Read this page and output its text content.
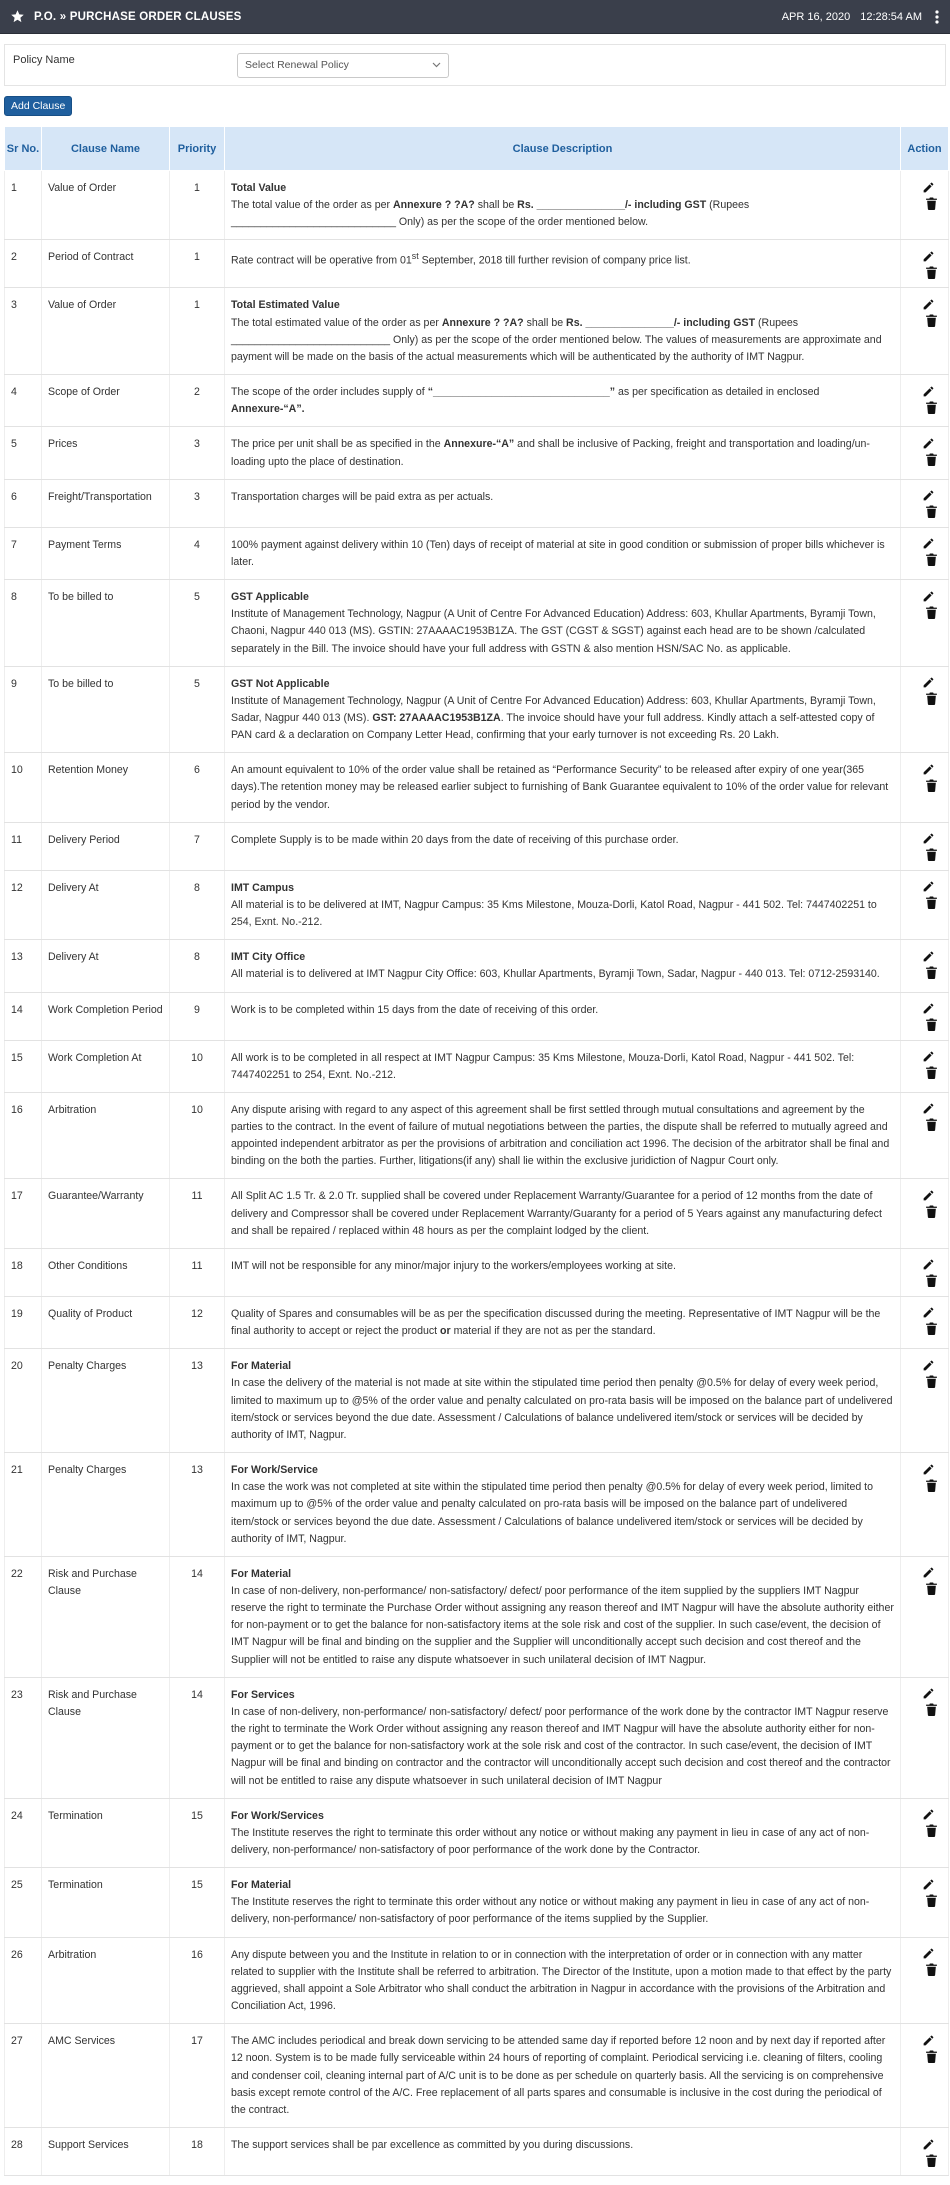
P.O. » PURCHASE ORDER CLAUSES	APR 16, 2020 12:28:54 AM
Policy Name	Select Renewal Policy
Add Clause
Sr No.	Clause Name	Priority	Clause Description	Action
1	Value of Order	1	Total Value
The total value of the order as per Annexure ? ?A? shall be Rs. _______________/- including GST (Rupees ____________________________ Only) as per the scope of the order mentioned below.	

2	Period of Contract	1	Rate contract will be operative from 01st September, 2018 till further revision of company price list.	

3	Value of Order	1	Total Estimated Value
The total estimated value of the order as per Annexure ? ?A? shall be Rs. _______________/- including GST (Rupees ___________________________ Only) as per the scope of the order mentioned below. The values of measurements are approximate and payment will be made on the basis of the actual measurements which will be authenticated by the authority of IMT Nagpur.	

4	Scope of Order	2	The scope of the order includes supply of “______________________________” as per specification as detailed in enclosed Annexure-“A”.	

5	Prices	3	The price per unit shall be as specified in the Annexure-“A” and shall be inclusive of Packing, freight and transportation and loading/un-loading upto the place of destination.	

6	Freight/Transportation	3	Transportation charges will be paid extra as per actuals.	

7	Payment Terms	4	100% payment against delivery within 10 (Ten) days of receipt of material at site in good condition or submission of proper bills whichever is later.	

8	To be billed to	5	GST Applicable
Institute of Management Technology, Nagpur (A Unit of Centre For Advanced Education) Address: 603, Khullar Apartments, Byramji Town, Chaoni, Nagpur 440 013 (MS). GSTIN: 27AAAAC1953B1ZA. The GST (CGST & SGST) against each head are to be shown /calculated separately in the Bill. The invoice should have your full address with GSTN & also mention HSN/SAC No. as applicable.	

9	To be billed to	5	GST Not Applicable
Institute of Management Technology, Nagpur (A Unit of Centre For Advanced Education) Address: 603, Khullar Apartments, Byramji Town, Sadar, Nagpur 440 013 (MS). GST: 27AAAAC1953B1ZA. The invoice should have your full address. Kindly attach a self-attested copy of PAN card & a declaration on Company Letter Head, confirming that your early turnover is not exceeding Rs. 20 Lakh.	

10	Retention Money	6	An amount equivalent to 10% of the order value shall be retained as “Performance Security” to be released after expiry of one year(365 days).The retention money may be released earlier subject to furnishing of Bank Guarantee equivalent to 10% of the order value for relevant period by the vendor.	

11	Delivery Period	7	Complete Supply is to be made within 20 days from the date of receiving of this purchase order.	

12	Delivery At	8	IMT Campus
All material is to be delivered at IMT, Nagpur Campus: 35 Kms Milestone, Mouza-Dorli, Katol Road, Nagpur - 441 502. Tel: 7447402251 to 254, Exnt. No.-212.	

13	Delivery At	8	IMT City Office
All material is to delivered at IMT Nagpur City Office: 603, Khullar Apartments, Byramji Town, Sadar, Nagpur - 440 013. Tel: 0712-2593140.	

14	Work Completion Period	9	Work is to be completed within 15 days from the date of receiving of this order.	

15	Work Completion At	10	All work is to be completed in all respect at IMT Nagpur Campus: 35 Kms Milestone, Mouza-Dorli, Katol Road, Nagpur - 441 502. Tel: 7447402251 to 254, Exnt. No.-212.	

16	Arbitration	10	Any dispute arising with regard to any aspect of this agreement shall be first settled through mutual consultations and agreement by the parties to the contract. In the event of failure of mutual negotiations between the parties, the dispute shall be referred to mutually agreed and appointed independent arbitrator as per the provisions of arbitration and conciliation act 1996. The decision of the arbitrator shall be final and binding on the both the parties. Further, litigations(if any) shall lie within the exclusive juridiction of Nagpur Court only.	

17	Guarantee/Warranty	11	All Split AC 1.5 Tr. & 2.0 Tr. supplied shall be covered under Replacement Warranty/Guarantee for a period of 12 months from the date of delivery and Compressor shall be covered under Replacement Warranty/Guaranty for a period of 5 Years against any manufacturing defect and shall be repaired / replaced within 48 hours as per the complaint lodged by the client.	

18	Other Conditions	11	IMT will not be responsible for any minor/major injury to the workers/employees working at site.	

19	Quality of Product	12	Quality of Spares and consumables will be as per the specification discussed during the meeting. Representative of IMT Nagpur will be the final authority to accept or reject the product or material if they are not as per the standard.	

20	Penalty Charges	13	For Material
In case the delivery of the material is not made at site within the stipulated time period then penalty @0.5% for delay of every week period, limited to maximum up to @5% of the order value and penalty calculated on pro-rata basis will be imposed on the balance part of undelivered item/stock or services beyond the due date. Assessment / Calculations of balance undelivered item/stock or services will be decided by authority of IMT, Nagpur.	

21	Penalty Charges	13	For Work/Service
In case the work was not completed at site within the stipulated time period then penalty @0.5% for delay of every week period, limited to maximum up to @5% of the order value and penalty calculated on pro-rata basis will be imposed on the balance part of undelivered item/stock or services beyond the due date. Assessment / Calculations of balance undelivered item/stock or services will be decided by authority of IMT, Nagpur.	

22	Risk and Purchase Clause	14	For Material
In case of non-delivery, non-performance/ non-satisfactory/ defect/ poor performance of the item supplied by the suppliers IMT Nagpur reserve the right to terminate the Purchase Order without assigning any reason thereof and IMT Nagpur will have the absolute authority either for non-payment or to get the balance for non-satisfactory items at the sole risk and cost of the supplier. In such case/event, the decision of IMT Nagpur will be final and binding on the supplier and the Supplier will unconditionally accept such decision and cost thereof and the Supplier will not be entitled to raise any dispute whatsoever in such unilateral decision of IMT Nagpur.	

23	Risk and Purchase Clause	14	For Services
In case of non-delivery, non-performance/ non-satisfactory/ defect/ poor performance of the work done by the contractor IMT Nagpur reserve the right to terminate the Work Order without assigning any reason thereof and IMT Nagpur will have the absolute authority either for non-payment or to get the balance for non-satisfactory work at the sole risk and cost of the contractor. In such case/event, the decision of IMT Nagpur will be final and binding on contractor and the contractor will unconditionally accept such decision and cost thereof and the contractor will not be entitled to raise any dispute whatsoever in such unilateral decision of IMT Nagpur	

24	Termination	15	For Work/Services
The Institute reserves the right to terminate this order without any notice or without making any payment in lieu in case of any act of non-delivery, non-performance/ non-satisfactory of poor performance of the work done by the Contractor.	

25	Termination	15	For Material
The Institute reserves the right to terminate this order without any notice or without making any payment in lieu in case of any act of non-delivery, non-performance/ non-satisfactory of poor performance of the items supplied by the Supplier.	

26	Arbitration	16	Any dispute between you and the Institute in relation to or in connection with the interpretation of order or in connection with any matter related to supplier with the Institute shall be referred to arbitration. The Director of the Institute, upon a motion made to that effect by the party aggrieved, shall appoint a Sole Arbitrator who shall conduct the arbitration in Nagpur in accordance with the provisions of the Arbitration and Conciliation Act, 1996.	

27	AMC Services	17	The AMC includes periodical and break down servicing to be attended same day if reported before 12 noon and by next day if reported after 12 noon. System is to be made fully serviceable within 24 hours of reporting of complaint. Periodical servicing i.e. cleaning of filters, cooling and condenser coil, cleaning internal part of A/C unit is to be done as per schedule on quarterly basis. All the servicing is on comprehensive basis except remote control of the A/C. Free replacement of all parts spares and consumable is inclusive in the cost during the periodical of the contract.	

28	Support Services	18	The support services shall be par excellence as committed by you during discussions.	
